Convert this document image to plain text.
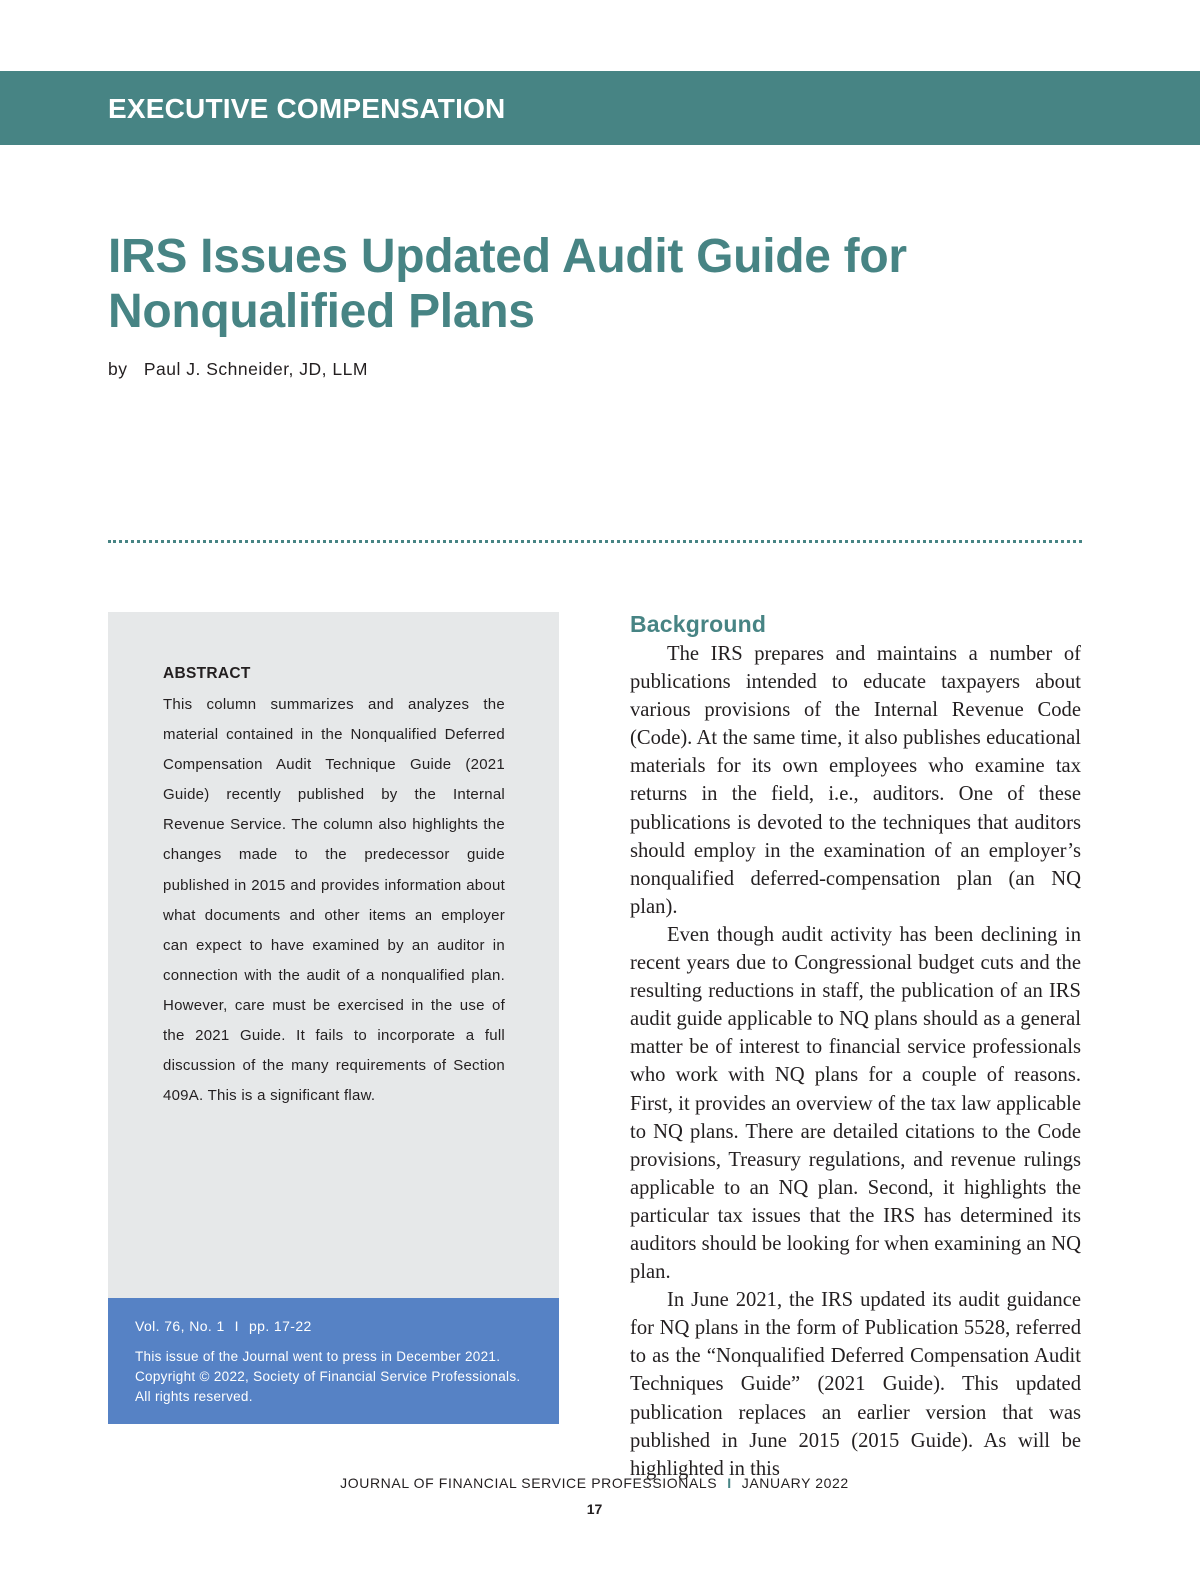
EXECUTIVE COMPENSATION
IRS Issues Updated Audit Guide for
Nonqualified Plans
by Paul J. Schneider, JD, LLM
ABSTRACT

This column summarizes and analyzes the material contained in the Nonqualified Deferred Compensation Audit Technique Guide (2021 Guide) recently published by the Internal Revenue Service. The column also highlights the changes made to the predecessor guide published in 2015 and provides information about what documents and other items an employer can expect to have examined by an auditor in connection with the audit of a nonqualified plan. However, care must be exercised in the use of the 2021 Guide. It fails to incorporate a full discussion of the many requirements of Section 409A. This is a significant flaw.

Vol. 76, No. 1 I pp. 17-22
This issue of the Journal went to press in December 2021.
Copyright © 2022, Society of Financial Service Professionals.
All rights reserved.
Background

The IRS prepares and maintains a number of publications intended to educate taxpayers about various provisions of the Internal Revenue Code (Code). At the same time, it also publishes educational materials for its own employees who examine tax returns in the field, i.e., auditors. One of these publications is devoted to the techniques that auditors should employ in the examination of an employer’s nonqualified deferred-compensation plan (an NQ plan).

Even though audit activity has been declining in recent years due to Congressional budget cuts and the resulting reductions in staff, the publication of an IRS audit guide applicable to NQ plans should as a general matter be of interest to financial service professionals who work with NQ plans for a couple of reasons. First, it provides an overview of the tax law applicable to NQ plans. There are detailed citations to the Code provisions, Treasury regulations, and revenue rulings applicable to an NQ plan. Second, it highlights the particular tax issues that the IRS has determined its auditors should be looking for when examining an NQ plan.

In June 2021, the IRS updated its audit guidance for NQ plans in the form of Publication 5528, referred to as the “Nonqualified Deferred Compensation Audit Techniques Guide” (2021 Guide). This updated publication replaces an earlier version that was published in June 2015 (2015 Guide). As will be highlighted in this

JOURNAL OF FINANCIAL SERVICE PROFESSIONALS I JANUARY 2022
17
